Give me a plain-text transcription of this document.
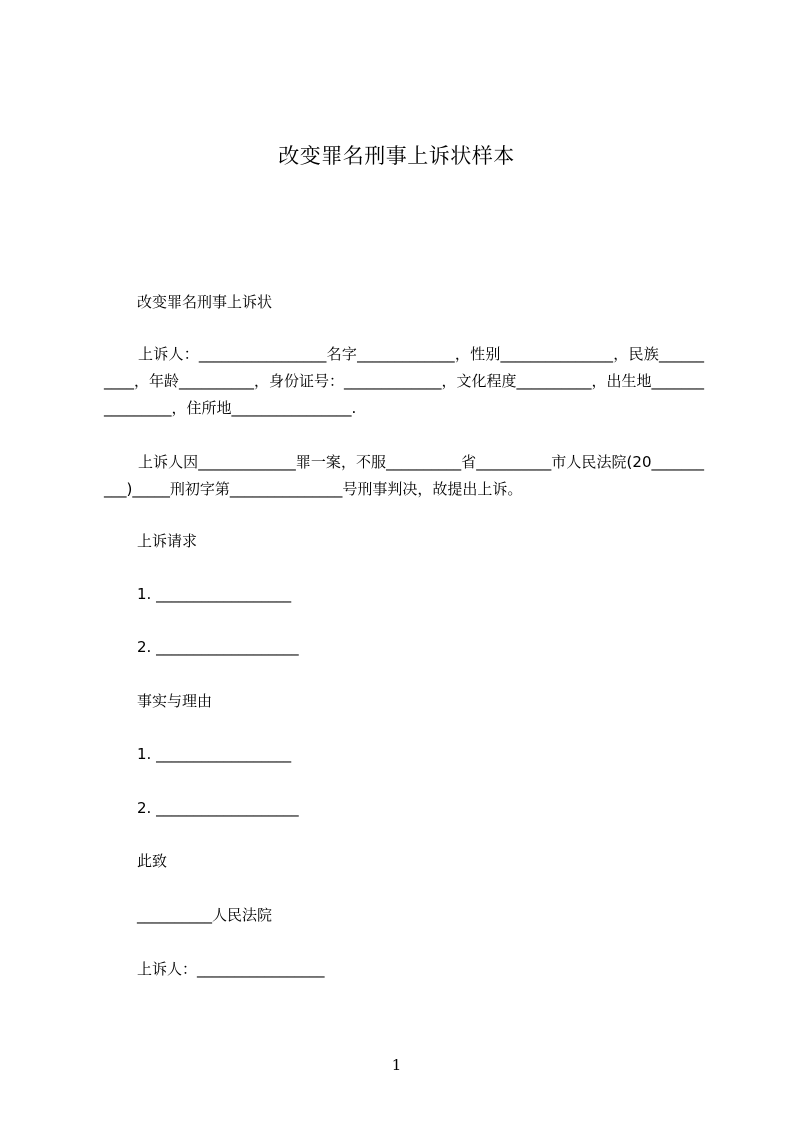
改变罪名刑事上诉状样本
改变罪名刑事上诉状
上诉人：_________________名字_____________，性别_______________，民族__________，年龄__________，身份证号：_____________，文化程度__________，出生地________________，住所地________________.
上诉人因_____________罪一案，不服__________省__________市人民法院(20__________)_____刑初字第_______________号刑事判决，故提出上诉。
上诉请求
1. __________________
2. ___________________
事实与理由
1. __________________
2. ___________________
此致
__________人民法院
上诉人：_________________
1
